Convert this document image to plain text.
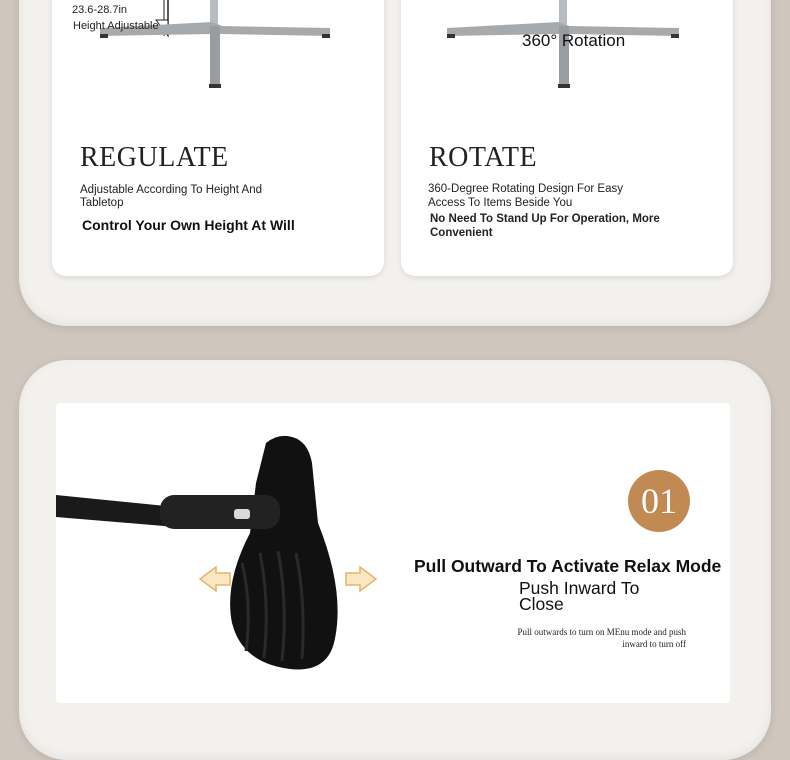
23.6-28.7in
Height Adjustable
REGULATE
Adjustable According To Height And Tabletop
Control Your Own Height At Will
360° Rotation
ROTATE
360-Degree Rotating Design For Easy Access To Items Beside You
No Need To Stand Up For Operation, More Convenient
01
Pull Outward To Activate Relax Mode
Push Inward To Close
Pull outwards to turn on MEnu mode and push inward to turn off
